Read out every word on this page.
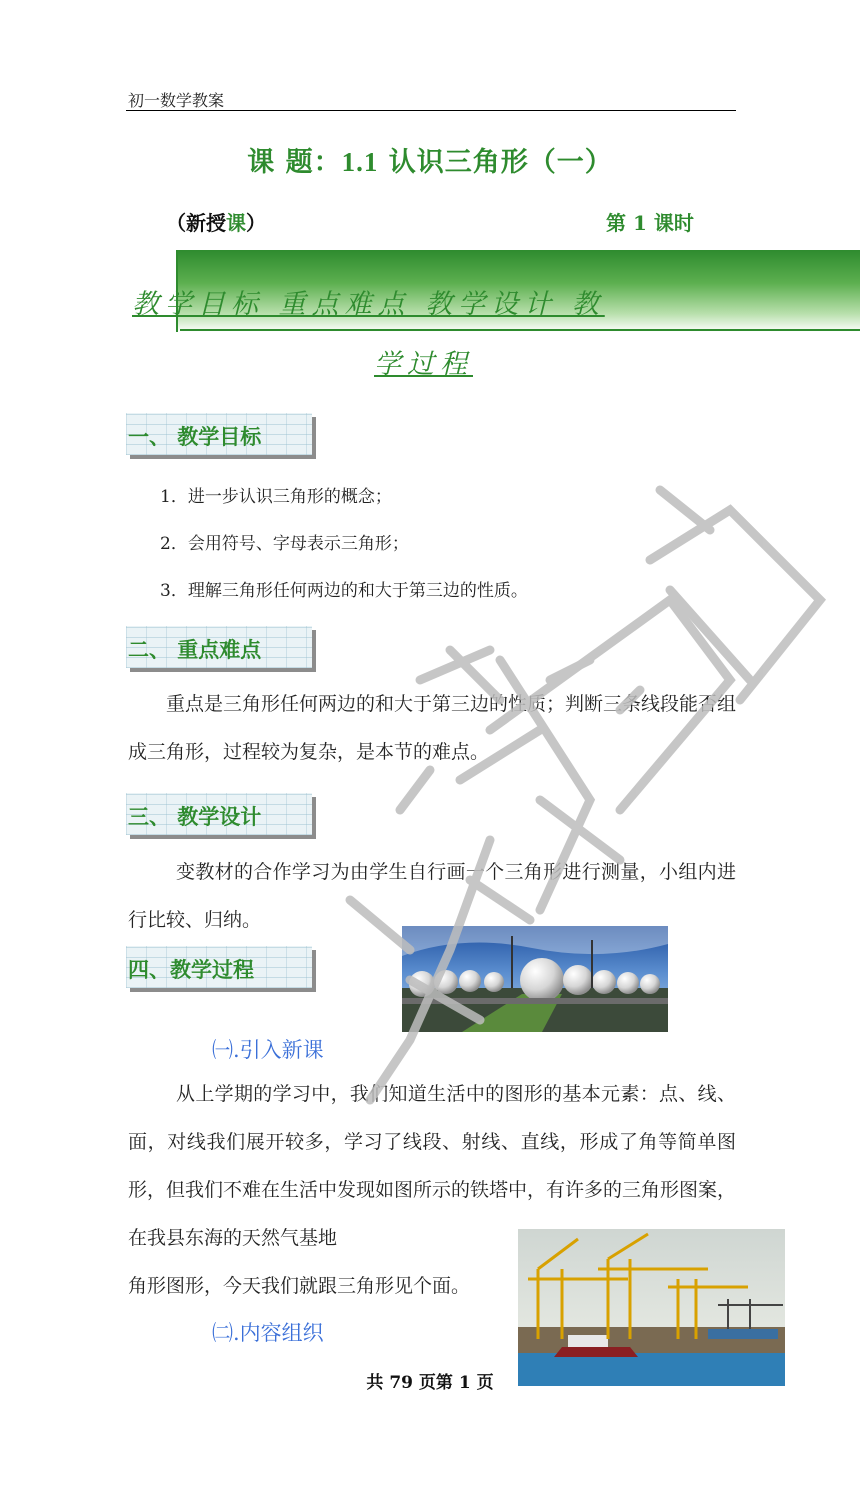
初一数学教案
课 题：1.1 认识三角形（一）
（新授课）	第 1 课时
教学目标 重点难点 教学设计 教
学过程
一、 教学目标
1．进一步认识三角形的概念；
2．会用符号、字母表示三角形；
3．理解三角形任何两边的和大于第三边的性质。
二、 重点难点
重点是三角形任何两边的和大于第三边的性质；判断三条线段能否组成三角形，过程较为复杂，是本节的难点。
三、 教学设计
变教材的合作学习为由学生自行画一个三角形进行测量，小组内进行比较、归纳。
四、教学过程
㈠.引入新课
从上学期的学习中，我们知道生活中的图形的基本元素：点、线、面，对线我们展开较多，学习了线段、射线、直线，形成了角等简单图形，但我们不难在生活中发现如图所示的铁塔中，有许多的三角形图案，在我县东海的天然气基地
角形图形，今天我们就跟三角形见个面。
㈡.内容组织
共 79 页第 1 页
